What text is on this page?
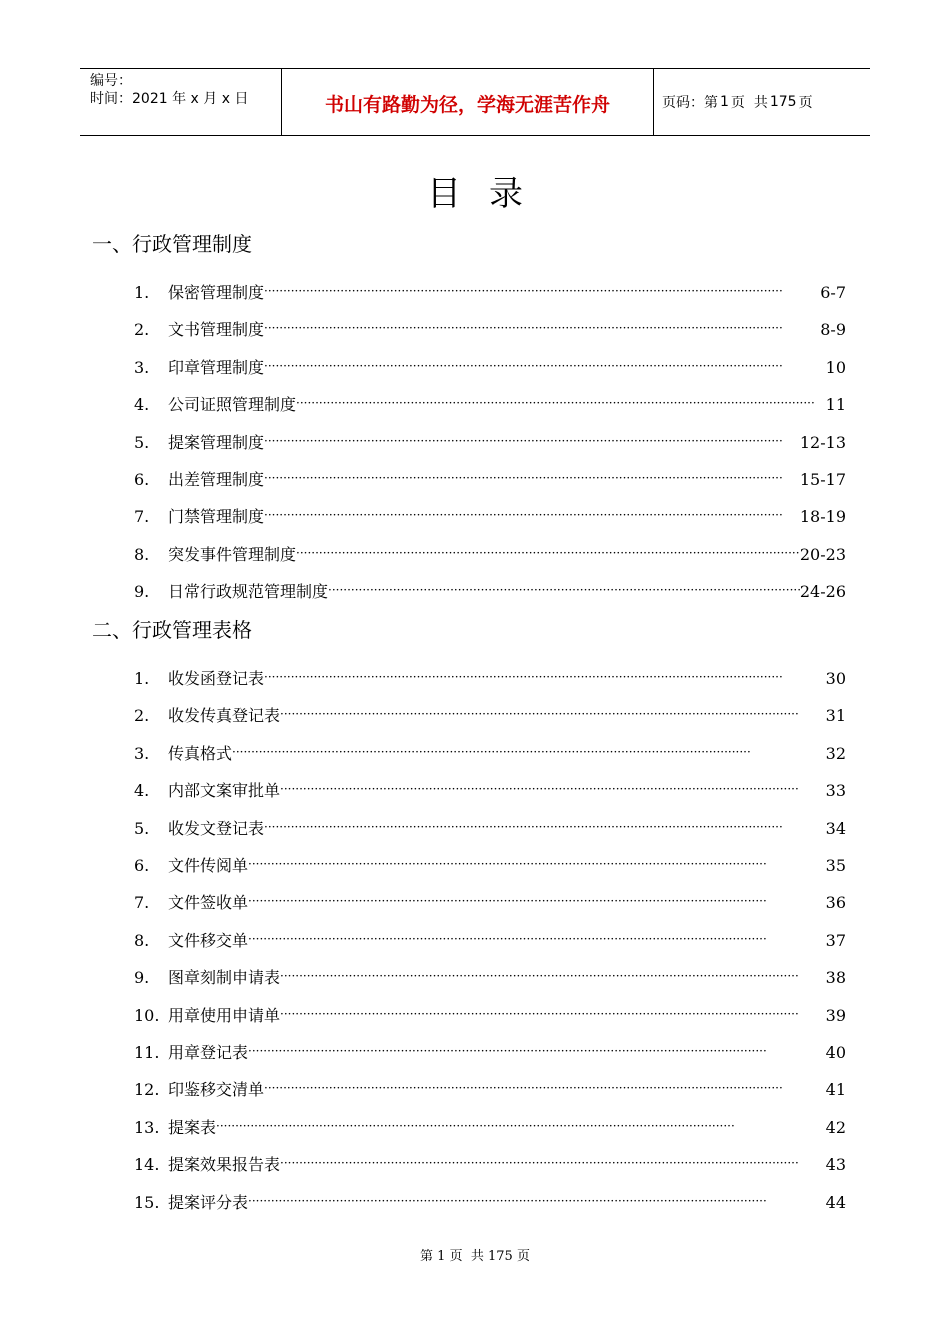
编号：
时间：2021 年 x 月 x 日	书山有路勤为径，学海无涯苦作舟	页码：第 1 页  共 175 页
目录
一、行政管理制度
1.	保密管理制度 ·····	6-7
2.	文书管理制度 ·····	8-9
3.	印章管理制度 ·····	10
4.	公司证照管理制度 ·····	11
5.	提案管理制度 ·····	12-13
6.	出差管理制度 ·····	15-17
7.	门禁管理制度 ·····	18-19
8.	突发事件管理制度 ·····	20-23
9.	日常行政规范管理制度 ·····	24-26
二、行政管理表格
1.	收发函登记表 ·····	30
2.	收发传真登记表 ·····	31
3.	传真格式 ·····	32
4.	内部文案审批单 ·····	33
5.	收发文登记表 ·····	34
6.	文件传阅单 ·····	35
7.	文件签收单 ·····	36
8.	文件移交单 ·····	37
9.	图章刻制申请表 ·····	38
10. 用章使用申请单 ·····	39
11. 用章登记表 ·····	40
12. 印鉴移交清单 ·····	41
13. 提案表 ·····	42
14. 提案效果报告表 ·····	43
15. 提案评分表 ·····	44
第 1 页  共 175 页
